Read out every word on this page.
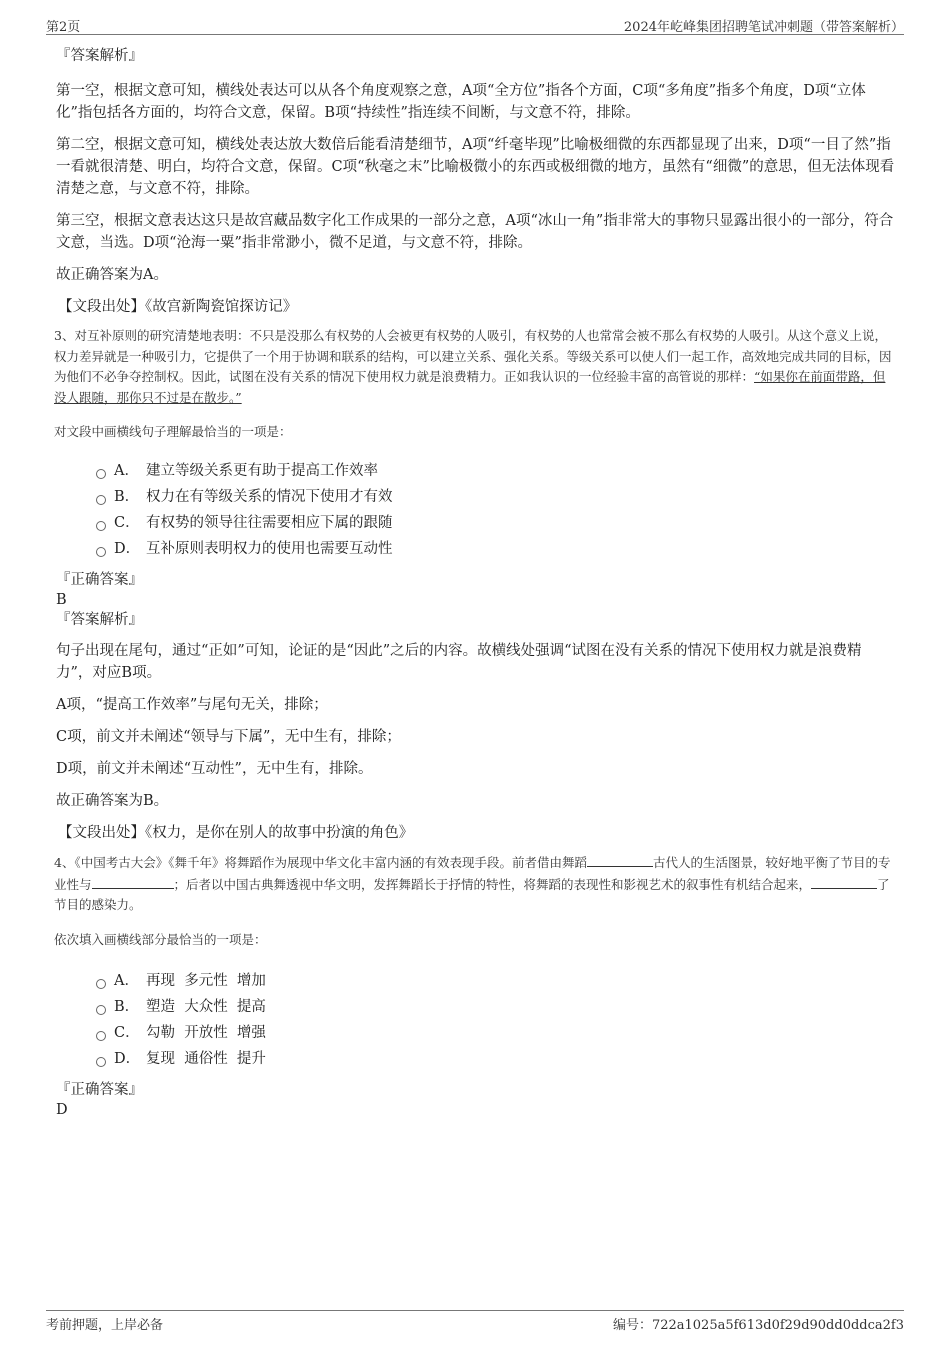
第2页	2024年屹峰集团招聘笔试冲刺题（带答案解析）

『答案解析』

第一空，根据文意可知，横线处表达可以从各个角度观察之意，A项“全方位”指各个方面，C项“多角度”指多个角度，D项“立体化”指包括各方面的，均符合文意，保留。B项“持续性”指连续不间断，与文意不符，排除。

第二空，根据文意可知，横线处表达放大数倍后能看清楚细节，A项“纤毫毕现”比喻极细微的东西都显现了出来，D项“一目了然”指一看就很清楚、明白，均符合文意，保留。C项“秋毫之末”比喻极微小的东西或极细微的地方，虽然有“细微”的意思，但无法体现看清楚之意，与文意不符，排除。

第三空，根据文意表达这只是故宫藏品数字化工作成果的一部分之意，A项“冰山一角”指非常大的事物只显露出很小的一部分，符合文意，当选。D项“沧海一粟”指非常渺小，微不足道，与文意不符，排除。

故正确答案为A。

【文段出处】《故宫新陶瓷馆探访记》

3、对互补原则的研究清楚地表明：不只是没那么有权势的人会被更有权势的人吸引，有权势的人也常常会被不那么有权势的人吸引。从这个意义上说，权力差异就是一种吸引力，它提供了一个用于协调和联系的结构，可以建立关系、强化关系。等级关系可以使人们一起工作，高效地完成共同的目标，因为他们不必争夺控制权。因此，试图在没有关系的情况下使用权力就是浪费精力。正如我认识的一位经验丰富的高管说的那样：“如果你在前面带路，但没人跟随，那你只不过是在散步。”

对文段中画横线句子理解最恰当的一项是：

A． 建立等级关系更有助于提高工作效率
B． 权力在有等级关系的情况下使用才有效
C． 有权势的领导往往需要相应下属的跟随
D． 互补原则表明权力的使用也需要互动性

『正确答案』

B

『答案解析』

句子出现在尾句，通过“正如”可知，论证的是“因此”之后的内容。故横线处强调“试图在没有关系的情况下使用权力就是浪费精力”，对应B项。

A项，“提高工作效率”与尾句无关，排除；

C项，前文并未阐述“领导与下属”，无中生有，排除；

D项，前文并未阐述“互动性”，无中生有，排除。

故正确答案为B。

【文段出处】《权力，是你在别人的故事中扮演的角色》

4、《中国考古大会》《舞千年》将舞蹈作为展现中华文化丰富内涵的有效表现手段。前者借由舞蹈	古代人的生活图景，较好地平衡了节目的专业性与	；后者以中国古典舞透视中华文明，发挥舞蹈长于抒情的特性，将舞蹈的表现性和影视艺术的叙事性有机结合起来，	了节目的感染力。

依次填入画横线部分最恰当的一项是：

A． 再现  多元性  增加
B． 塑造  大众性  提高
C． 勾勒  开放性  增强
D． 复现  通俗性  提升

『正确答案』

D

考前押题，上岸必备	编号：722a1025a5f613d0f29d90dd0ddca2f3
